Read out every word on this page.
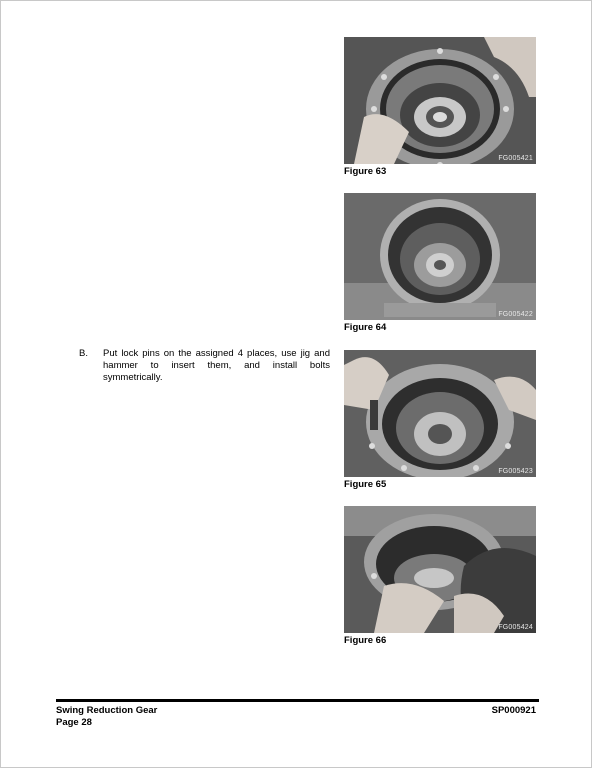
B. Put lock pins on the assigned 4 places, use jig and hammer to insert them, and install bolts symmetrically.
FG005421
Figure 63
FG005422
Figure 64
FG005423
Figure 65
FG005424
Figure 66
Swing Reduction Gear
Page 28
SP000921
